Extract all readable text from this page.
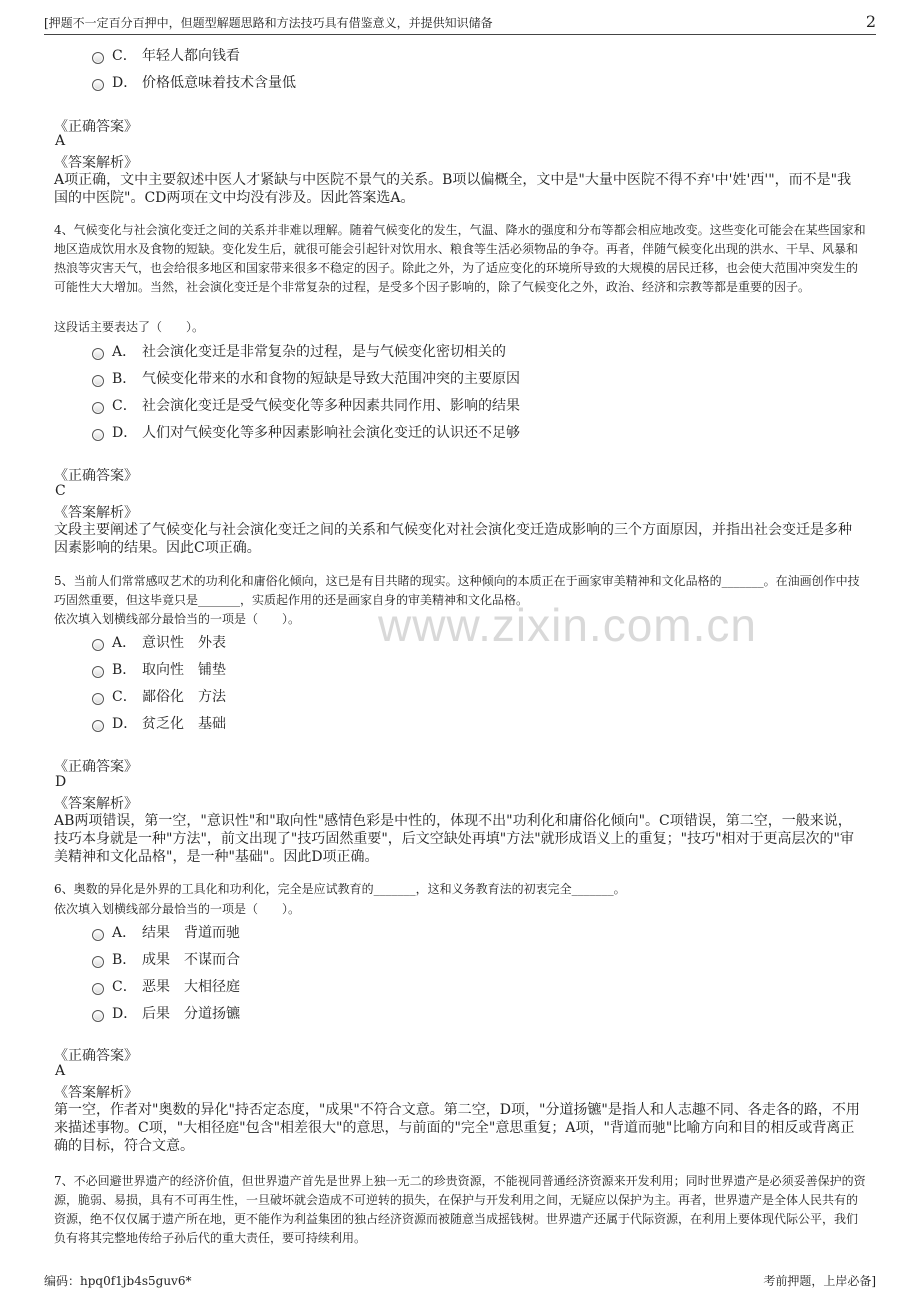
[押题不一定百分百押中，但题型解题思路和方法技巧具有借鉴意义，并提供知识储备	2
C． 年轻人都向钱看
D． 价格低意味着技术含量低
《正确答案》
A
《答案解析》
A项正确，文中主要叙述中医人才紧缺与中医院不景气的关系。B项以偏概全，文中是"大量中医院不得不弃'中'姓'西'"，而不是"我国的中医院"。CD两项在文中均没有涉及。因此答案选A。
4、气候变化与社会演化变迁之间的关系并非难以理解。随着气候变化的发生，气温、降水的强度和分布等都会相应地改变。这些变化可能会在某些国家和地区造成饮用水及食物的短缺。变化发生后，就很可能会引起针对饮用水、粮食等生活必须物品的争夺。再者，伴随气候变化出现的洪水、干旱、风暴和热浪等灾害天气，也会给很多地区和国家带来很多不稳定的因子。除此之外，为了适应变化的环境所导致的大规模的居民迁移，也会使大范围冲突发生的可能性大大增加。当然，社会演化变迁是个非常复杂的过程，是受多个因子影响的，除了气候变化之外，政治、经济和宗教等都是重要的因子。
这段话主要表达了（　　）。
A． 社会演化变迁是非常复杂的过程，是与气候变化密切相关的
B． 气候变化带来的水和食物的短缺是导致大范围冲突的主要原因
C． 社会演化变迁是受气候变化等多种因素共同作用、影响的结果
D． 人们对气候变化等多种因素影响社会演化变迁的认识还不足够
《正确答案》
C
《答案解析》
文段主要阐述了气候变化与社会演化变迁之间的关系和气候变化对社会演化变迁造成影响的三个方面原因，并指出社会变迁是多种因素影响的结果。因此C项正确。
5、当前人们常常感叹艺术的功利化和庸俗化倾向，这已是有目共睹的现实。这种倾向的本质正在于画家审美精神和文化品格的_______。在油画创作中技巧固然重要，但这毕竟只是_______，实质起作用的还是画家自身的审美精神和文化品格。
依次填入划横线部分最恰当的一项是（　　）。
A． 意识性　外表
B． 取向性　铺垫
C． 鄙俗化　方法
D． 贫乏化　基础
《正确答案》
D
《答案解析》
AB两项错误，第一空，"意识性"和"取向性"感情色彩是中性的，体现不出"功利化和庸俗化倾向"。C项错误，第二空，一般来说，技巧本身就是一种"方法"，前文出现了"技巧固然重要"，后文空缺处再填"方法"就形成语义上的重复；"技巧"相对于更高层次的"审美精神和文化品格"，是一种"基础"。因此D项正确。
6、奥数的异化是外界的工具化和功利化，完全是应试教育的_______，这和义务教育法的初衷完全_______。
依次填入划横线部分最恰当的一项是（　　）。
A． 结果　背道而驰
B． 成果　不谋而合
C． 恶果　大相径庭
D． 后果　分道扬镳
《正确答案》
A
《答案解析》
第一空，作者对"奥数的异化"持否定态度，"成果"不符合文意。第二空，D项，"分道扬镳"是指人和人志趣不同、各走各的路，不用来描述事物。C项，"大相径庭"包含"相差很大"的意思，与前面的"完全"意思重复；A项，"背道而驰"比喻方向和目的相反或背离正确的目标，符合文意。
7、不必回避世界遗产的经济价值，但世界遗产首先是世界上独一无二的珍贵资源，不能视同普通经济资源来开发利用；同时世界遗产是必须妥善保护的资源，脆弱、易损，具有不可再生性，一旦破坏就会造成不可逆转的损失，在保护与开发利用之间，无疑应以保护为主。再者，世界遗产是全体人民共有的资源，绝不仅仅属于遗产所在地，更不能作为利益集团的独占经济资源而被随意当成摇钱树。世界遗产还属于代际资源，在利用上要体现代际公平，我们负有将其完整地传给子孙后代的重大责任，要可持续利用。
www.zixin.com.cn
编码：hpq0f1jb4s5guv6*	考前押题，上岸必备]
